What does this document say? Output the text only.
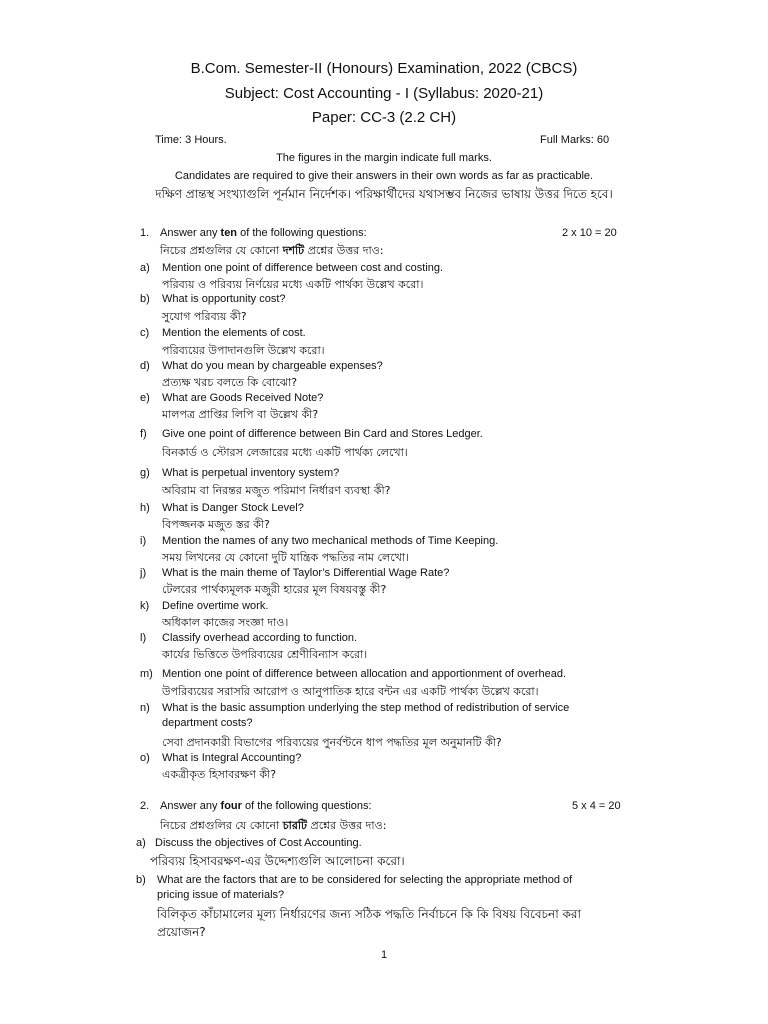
B.Com. Semester-II (Honours) Examination, 2022 (CBCS)
Subject: Cost Accounting - I (Syllabus: 2020-21)
Paper: CC-3 (2.2 CH)
Time: 3 Hours.	Full Marks: 60
The figures in the margin indicate full marks.
Candidates are required to give their answers in their own words as far as practicable.
দক্ষিণ প্রান্তস্থ সংখ্যাগুলি পূর্নমান নির্দেশক। পরিক্ষার্থীদের যথাসম্ভব নিজের ভাষায় উত্তর দিতে হবে।
1. Answer any ten of the following questions:	2 x 10 = 20
নিচের প্রশ্নগুলির যে কোনো দশটি প্রশ্নের উত্তর দাও:
a) Mention one point of difference between cost and costing.
পরিব্যয় ও পরিব্যয় নির্ণয়ের মধ্যে একটি পার্থক্য উল্লেখ করো।
b) What is opportunity cost?
সুযোগ পরিব্যয় কী?
c) Mention the elements of cost.
পরিব্যয়ের উপাদানগুলি উল্লেখ করো।
d) What do you mean by chargeable expenses?
প্রত্যক্ষ খরচ বলতে কি বোঝো?
e) What are Goods Received Note?
মালপত্র প্রাপ্তির লিপি বা উল্লেখ কী?
f) Give one point of difference between Bin Card and Stores Ledger.
বিনকার্ড ও স্টোরস লেজারের মধ্যে একটি পার্থক্য লেখো।
g) What is perpetual inventory system?
অবিরাম বা নিরন্তর মজুত পরিমাণ নির্ধারণ ব্যবস্থা কী?
h) What is Danger Stock Level?
বিপজ্জনক মজুত স্তর কী?
i) Mention the names of any two mechanical methods of Time Keeping.
সময় লিখনের যে কোনো দুটি যান্ত্রিক পদ্ধতির নাম লেখো।
j) What is the main theme of Taylor’s Differential Wage Rate?
টেলরের পার্থক্যমূলক মজুরী হারের মূল বিষয়বস্তু কী?
k) Define overtime work.
অধিকাল কাজের সংজ্ঞা দাও।
l) Classify overhead according to function.
কার্যের ভিত্তিতে উপরিব্যয়ের শ্রেণীবিন্যাস করো।
m) Mention one point of difference between allocation and apportionment of overhead.
উপরিব্যয়ের সরাসরি আরোপ ও আনুপাতিক হারে বন্টন এর একটি পার্থক্য উল্লেখ করো।
n) What is the basic assumption underlying the step method of redistribution of service
department costs?
সেবা প্রদানকারী বিভাগের পরিব্যয়ের পুনর্বণ্টনে ধাপ পদ্ধতির মূল অনুমানটি কী?
o) What is Integral Accounting?
একত্রীকৃত হিসাবরক্ষণ কী?
2. Answer any four of the following questions:	5 x 4 = 20
নিচের প্রশ্নগুলির যে কোনো চারটি প্রশ্নের উত্তর দাও:
a) Discuss the objectives of Cost Accounting.
পরিব্যয় হিসাবরক্ষণ-এর উদ্দেশ্যগুলি আলোচনা করো।
b) What are the factors that are to be considered for selecting the appropriate method of
pricing issue of materials?
বিলিকৃত কাঁচামালের মূল্য নির্ধারণের জন্য সঠিক পদ্ধতি নির্বাচনে কি কি বিষয় বিবেচনা করা
প্রয়োজন?
1
